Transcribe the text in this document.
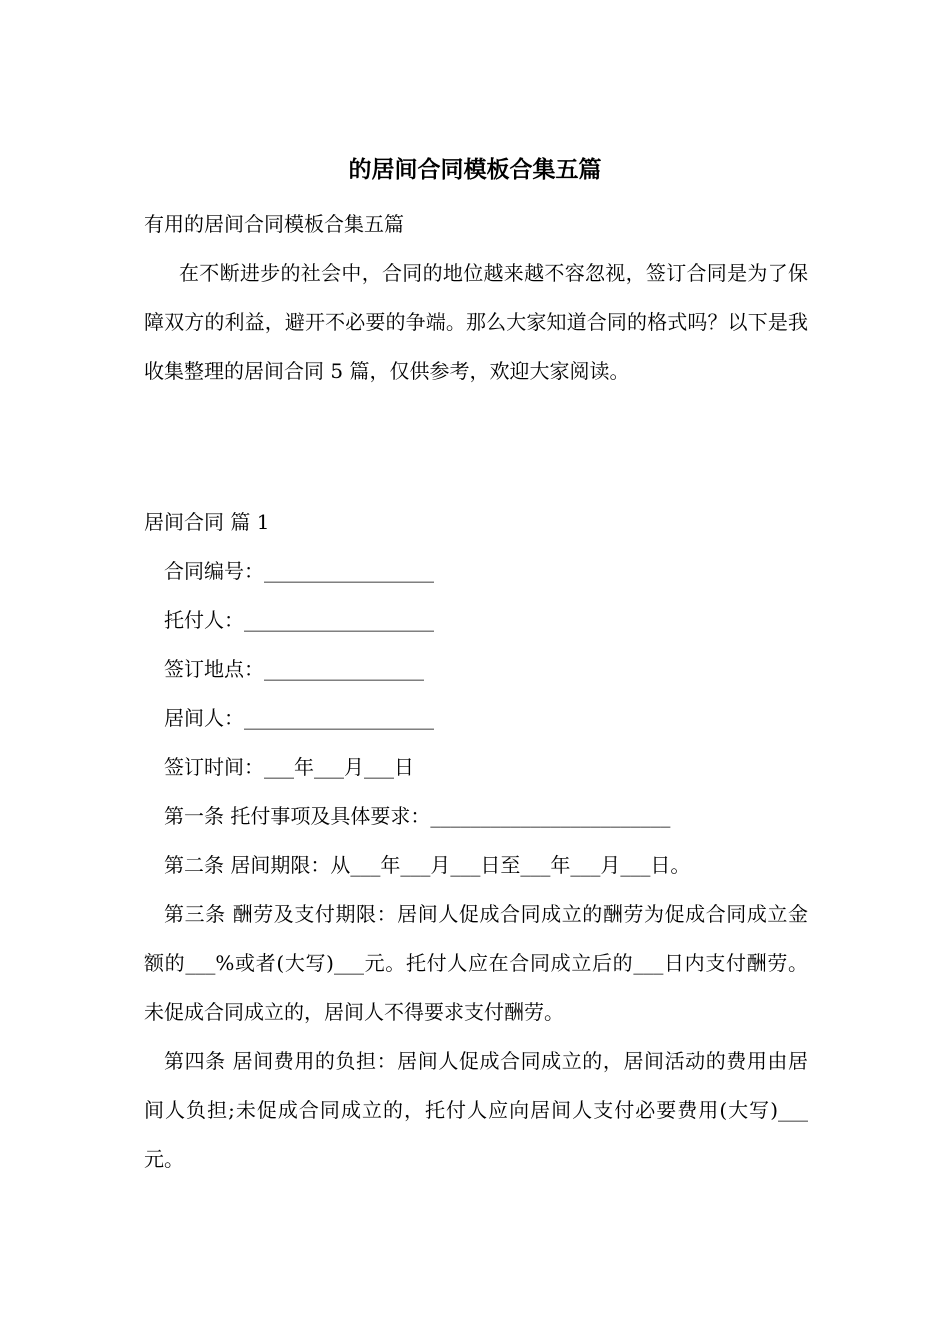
的居间合同模板合集五篇

有用的居间合同模板合集五篇

在不断进步的社会中，合同的地位越来越不容忽视，签订合同是为了保障双方的利益，避开不必要的争端。那么大家知道合同的格式吗？以下是我收集整理的居间合同 5 篇，仅供参考，欢迎大家阅读。

居间合同 篇 1

合同编号：_________________

托付人：___________________

签订地点：________________

居间人：___________________

签订时间：___年___月___日

第一条 托付事项及具体要求：________________________

第二条 居间期限：从___年___月___日至___年___月___日。

第三条 酬劳及支付期限：居间人促成合同成立的酬劳为促成合同成立金额的___%或者(大写)___元。托付人应在合同成立后的___日内支付酬劳。未促成合同成立的，居间人不得要求支付酬劳。

第四条 居间费用的负担：居间人促成合同成立的，居间活动的费用由居间人负担;未促成合同成立的，托付人应向居间人支付必要费用(大写)___元。
